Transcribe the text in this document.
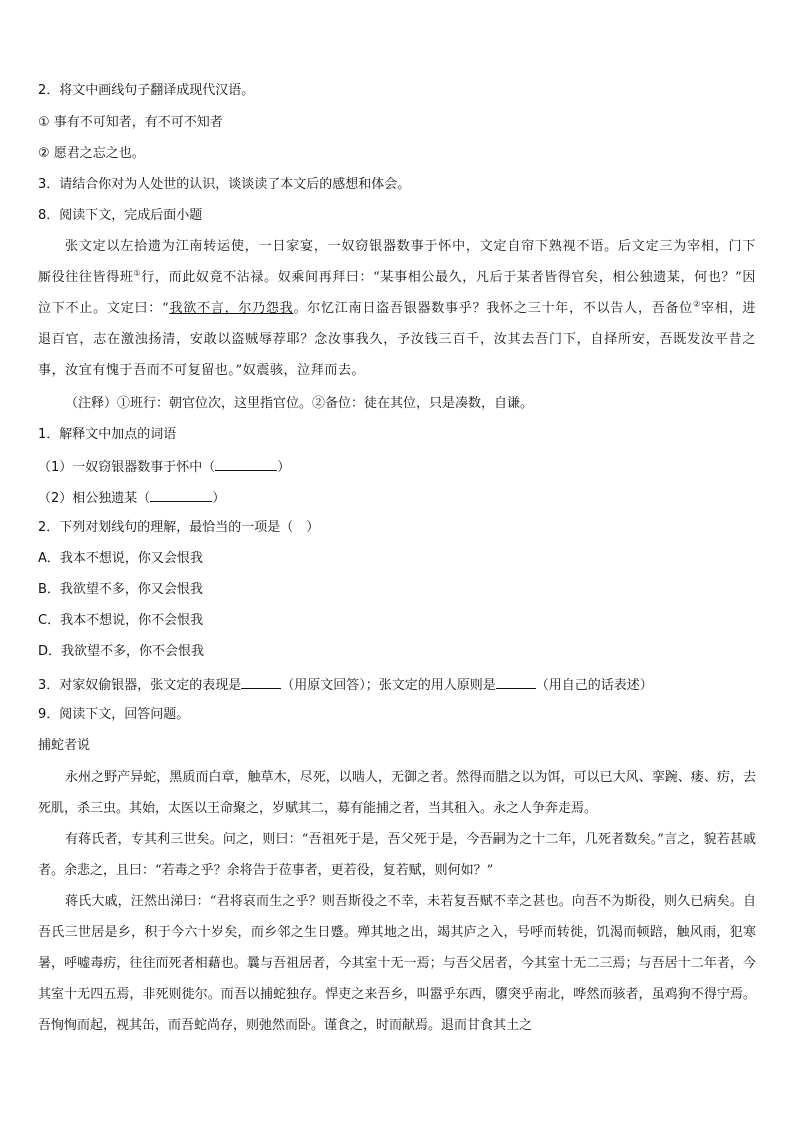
2．将文中画线句子翻译成现代汉语。
① 事有不可知者，有不可不知者
② 愿君之忘之也。
3．请结合你对为人处世的认识，谈谈读了本文后的感想和体会。
8．阅读下文，完成后面小题
张文定以左拾遗为江南转运使，一日家宴，一奴窃银器数事于怀中，文定自帘下熟视不语。后文定三为宰相，门下厮役往往皆得班①行，而此奴竟不沾禄。奴乘间再拜曰：“某事相公最久，凡后于某者皆得官矣，相公独遗某，何也？”因泣下不止。文定曰：“我欲不言，尔乃怨我。尔忆江南日盗吾银器数事乎？我怀之三十年，不以告人，吾备位②宰相，进退百官，志在激浊扬清，安敢以盗贼辱荐耶？念汝事我久，予汝钱三百千，汝其去吾门下，自择所安，吾既发汝平昔之事，汝宜有愧于吾而不可复留也。”奴震骇，泣拜而去。
（注释）①班行：朝官位次，这里指官位。②备位：徒在其位，只是凑数，自谦。
1．解释文中加点的词语
（1）一奴窃银器数事于怀中（	）
（2）相公独遗某（	）
2．下列对划线句的理解，最恰当的一项是（　）
A．我本不想说，你又会恨我
B．我欲望不多，你又会恨我
C．我本不想说，你不会恨我
D．我欲望不多，你不会恨我
3．对家奴偷银器，张文定的表现是	（用原文回答）；张文定的用人原则是	（用自己的话表述）
9．阅读下文，回答问题。
捕蛇者说
永州之野产异蛇，黑质而白章，触草木，尽死，以啮人，无御之者。然得而腊之以为饵，可以已大风、挛踠、瘘、疠，去死肌，杀三虫。其始，太医以王命聚之，岁赋其二，募有能捕之者，当其租入。永之人争奔走焉。
有蒋氏者，专其利三世矣。问之，则曰：“吾祖死于是，吾父死于是，今吾嗣为之十二年，几死者数矣。”言之，貌若甚戚者。余悲之，且曰：“若毒之乎？余将告于莅事者，更若役，复若赋，则何如？”
蒋氏大戚，汪然出涕曰：“君将哀而生之乎？则吾斯役之不幸，未若复吾赋不幸之甚也。向吾不为斯役，则久已病矣。自吾氏三世居是乡，积于今六十岁矣，而乡邻之生日蹙。殚其地之出，竭其庐之入，号呼而转徙，饥渴而顿踣，触风雨，犯寒暑，呼嘘毒疠，往往而死者相藉也。曩与吾祖居者，今其室十无一焉；与吾父居者，今其室十无二三焉；与吾居十二年者，今其室十无四五焉，非死则徙尔。而吾以捕蛇独存。悍吏之来吾乡，叫嚣乎东西，隳突乎南北，哗然而骇者，虽鸡狗不得宁焉。吾恂恂而起，视其缶，而吾蛇尚存，则弛然而卧。谨食之，时而献焉。退而甘食其土之
